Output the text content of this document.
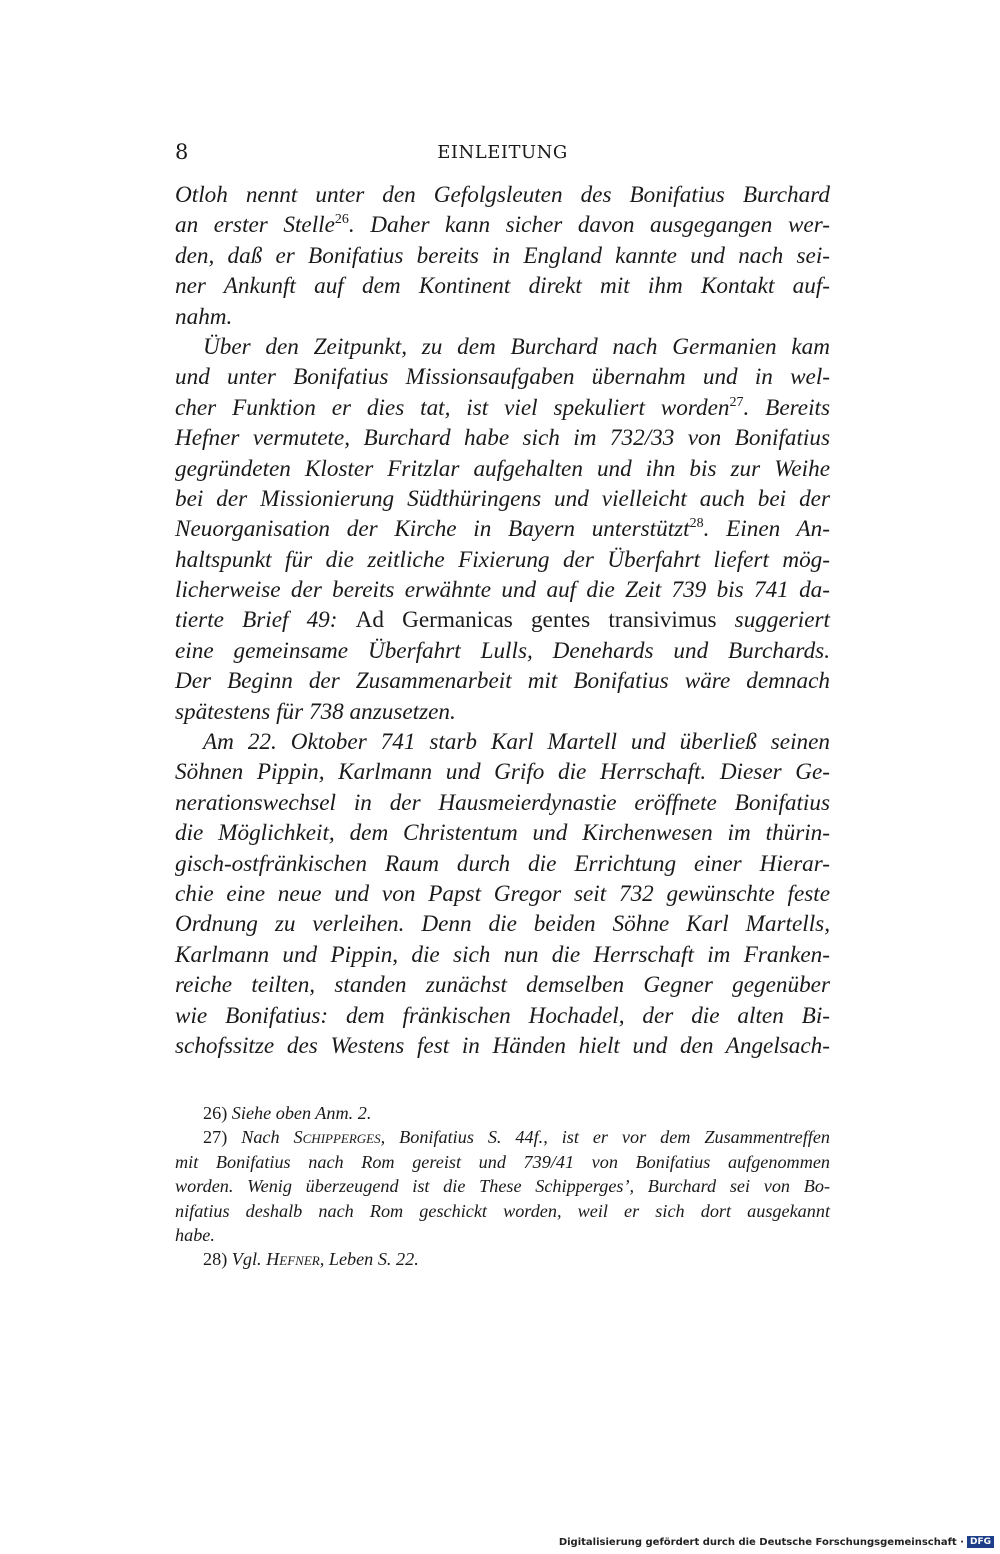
8	EINLEITUNG
Otloh nennt unter den Gefolgsleuten des Bonifatius Burchard
an erster Stelle$^{26}$. Daher kann sicher davon ausgegangen wer-
den, daß er Bonifatius bereits in England kannte und nach sei-
ner Ankunft auf dem Kontinent direkt mit ihm Kontakt auf-
nahm.
Über den Zeitpunkt, zu dem Burchard nach Germanien kam
und unter Bonifatius Missionsaufgaben übernahm und in wel-
cher Funktion er dies tat, ist viel spekuliert worden$^{27}$. Bereits
Hefner vermutete, Burchard habe sich im 732/33 von Bonifatius
gegründeten Kloster Fritzlar aufgehalten und ihn bis zur Weihe
bei der Missionierung Südthüringens und vielleicht auch bei der
Neuorganisation der Kirche in Bayern unterstützt$^{28}$. Einen An-
haltspunkt für die zeitliche Fixierung der Überfahrt liefert mög-
licherweise der bereits erwähnte und auf die Zeit 739 bis 741 da-
tierte Brief 49: Ad Germanicas gentes transivimus suggeriert
eine gemeinsame Überfahrt Lulls, Denehards und Burchards.
Der Beginn der Zusammenarbeit mit Bonifatius wäre demnach
spätestens für 738 anzusetzen.
Am 22. Oktober 741 starb Karl Martell und überließ seinen
Söhnen Pippin, Karlmann und Grifo die Herrschaft. Dieser Ge-
nerationswechsel in der Hausmeierdynastie eröffnete Bonifatius
die Möglichkeit, dem Christentum und Kirchenwesen im thürin-
gisch-ostfränkischen Raum durch die Errichtung einer Hierar-
chie eine neue und von Papst Gregor seit 732 gewünschte feste
Ordnung zu verleihen. Denn die beiden Söhne Karl Martells,
Karlmann und Pippin, die sich nun die Herrschaft im Franken-
reiche teilten, standen zunächst demselben Gegner gegenüber
wie Bonifatius: dem fränkischen Hochadel, der die alten Bi-
schofssitze des Westens fest in Händen hielt und den Angelsach-
26) Siehe oben Anm. 2.
27) Nach Schipperges, Bonifatius S. 44f., ist er vor dem Zusammentreffen
mit Bonifatius nach Rom gereist und 739/41 von Bonifatius aufgenommen
worden. Wenig überzeugend ist die These Schipperges’, Burchard sei von Bo-
nifatius deshalb nach Rom geschickt worden, weil er sich dort ausgekannt
habe.
28) Vgl. Hefner, Leben S. 22.
Digitalisierung gefördert durch die Deutsche Forschungsgemeinschaft · DFG
